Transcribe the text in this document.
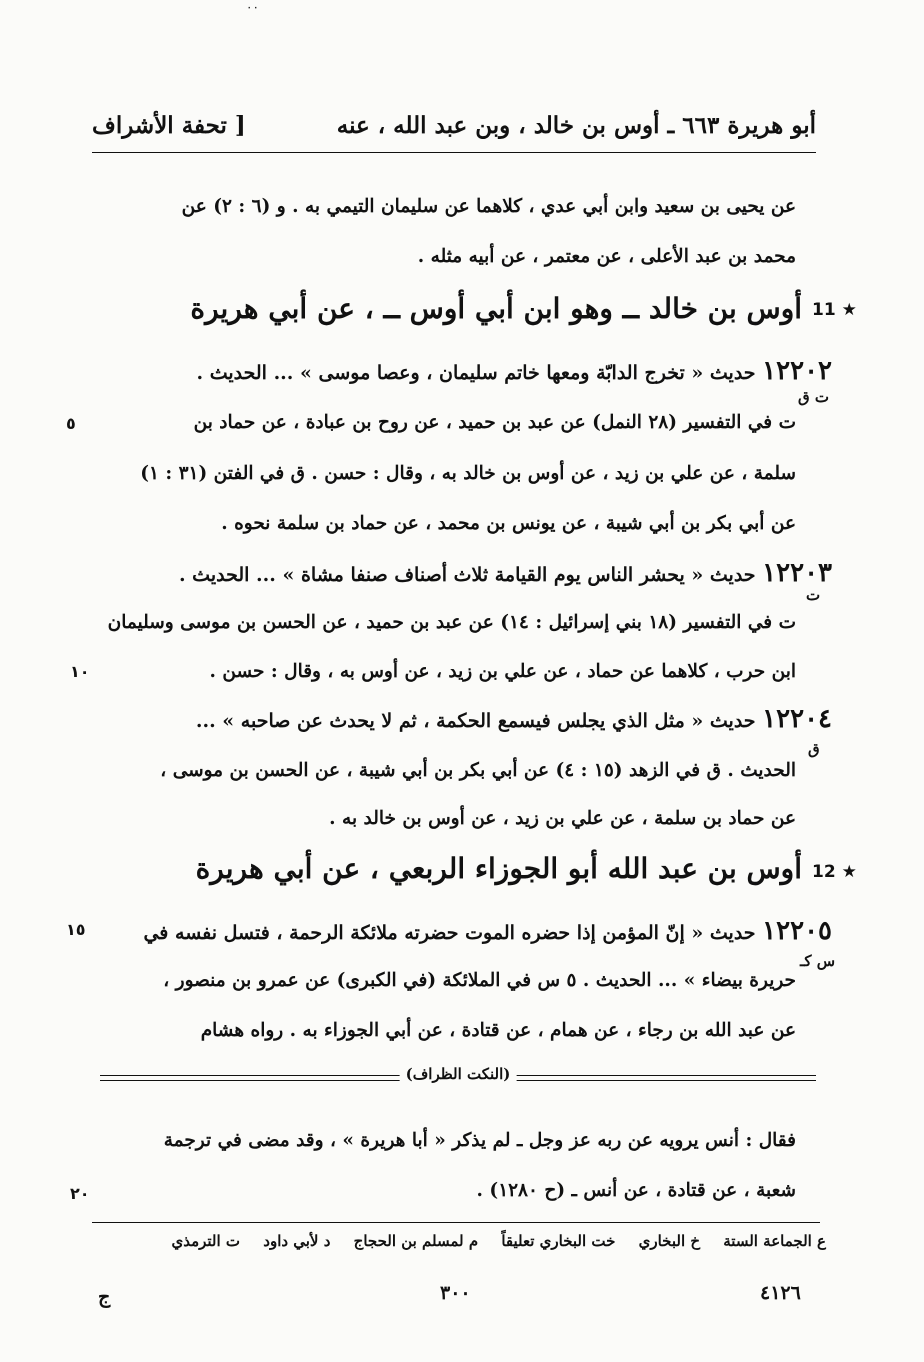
٠٠
أبو هريرة ٦٦٣ ـ أوس بن خالد ، وبن عبد الله ، عنه
[ تحفة الأشراف
عن يحيى بن سعيد وابن أبي عدي ، كلاهما عن سليمان التيمي به . و (٦ : ٢) عن
محمد بن عبد الأعلى ، عن معتمر ، عن أبيه مثله .
11 ★
أوس بن خالد ــ وهو ابن أبي أوس ــ ، عن أبي هريرة
١٢٢٠٢ حديث « تخرج الدابّة ومعها خاتم سليمان ، وعصا موسى » ... الحديث .
ت ق
ت في التفسير (٢٨ النمل) عن عبد بن حميد ، عن روح بن عبادة ، عن حماد بن
سلمة ، عن علي بن زيد ، عن أوس بن خالد به ، وقال : حسن . ق في الفتن (٣١ : ١)
عن أبي بكر بن أبي شيبة ، عن يونس بن محمد ، عن حماد بن سلمة نحوه .
٥
١٢٢٠٣ حديث « يحشر الناس يوم القيامة ثلاث أصناف صنفا مشاة » ... الحديث .
ت
ت في التفسير (١٨ بني إسرائيل : ١٤) عن عبد بن حميد ، عن الحسن بن موسى وسليمان
ابن حرب ، كلاهما عن حماد ، عن علي بن زيد ، عن أوس به ، وقال : حسن .
١٠
١٢٢٠٤ حديث « مثل الذي يجلس فيسمع الحكمة ، ثم لا يحدث عن صاحبه » ...
ق
الحديث . ق في الزهد (١٥ : ٤) عن أبي بكر بن أبي شيبة ، عن الحسن بن موسى ،
عن حماد بن سلمة ، عن علي بن زيد ، عن أوس بن خالد به .
12 ★
أوس بن عبد الله أبو الجوزاء الربعي ، عن أبي هريرة
١٢٢٠٥ حديث « إنّ المؤمن إذا حضره الموت حضرته ملائكة الرحمة ، فتسل نفسه في
س كـ
حريرة بيضاء » ... الحديث . ٥ س في الملائكة (في الكبرى) عن عمرو بن منصور ،
عن عبد الله بن رجاء ، عن همام ، عن قتادة ، عن أبي الجوزاء به . رواه هشام
١٥
(النكت الظراف)
فقال : أنس يرويه عن ربه عز وجل ـ لم يذكر « أبا هريرة » ، وقد مضى في ترجمة
شعبة ، عن قتادة ، عن أنس ـ (ح ١٢٨٠) .
٢٠
ع الجماعة الستة خ البخاري خت البخاري تعليقاً م لمسلم بن الحجاج د لأبي داود ت الترمذي
٤١٢٦
٣٠٠
ج
